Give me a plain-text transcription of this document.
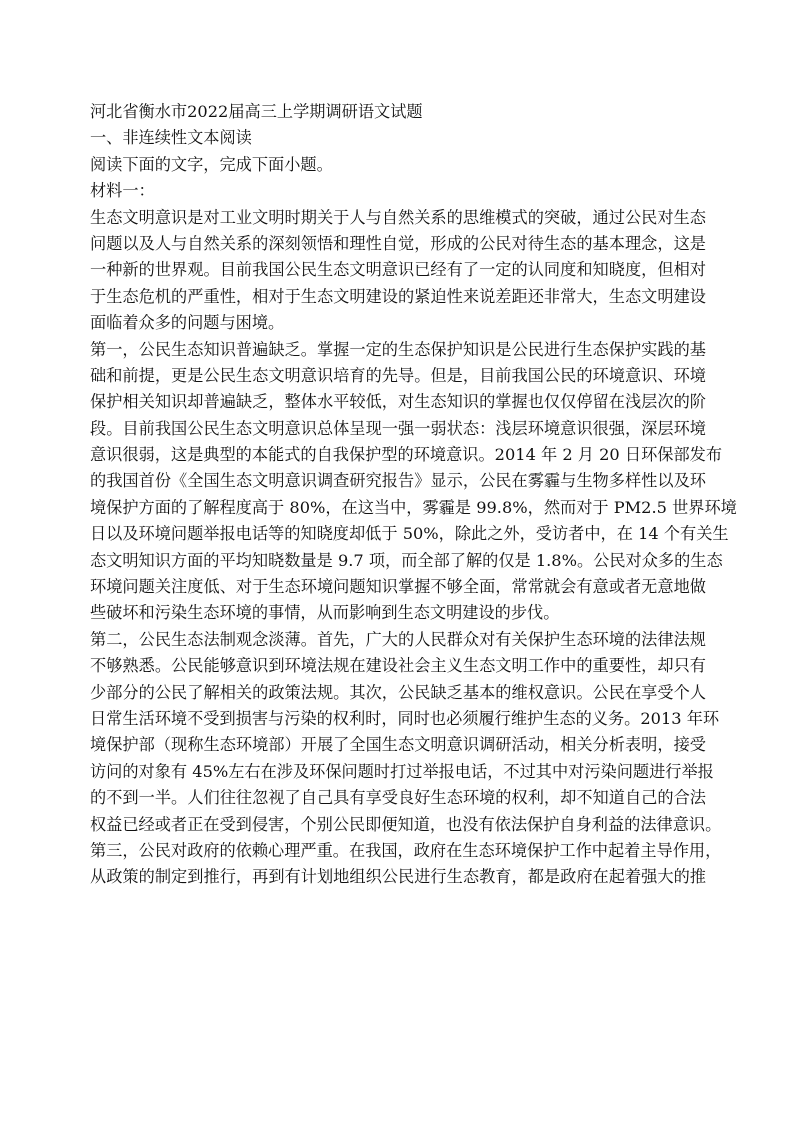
河北省衡水市2022届高三上学期调研语文试题
一、非连续性文本阅读
阅读下面的文字，完成下面小题。
材料一：
生态文明意识是对工业文明时期关于人与自然关系的思维模式的突破，通过公民对生态
问题以及人与自然关系的深刻领悟和理性自觉，形成的公民对待生态的基本理念，这是
一种新的世界观。目前我国公民生态文明意识已经有了一定的认同度和知晓度，但相对
于生态危机的严重性，相对于生态文明建设的紧迫性来说差距还非常大，生态文明建设
面临着众多的问题与困境。
第一，公民生态知识普遍缺乏。掌握一定的生态保护知识是公民进行生态保护实践的基
础和前提，更是公民生态文明意识培育的先导。但是，目前我国公民的环境意识、环境
保护相关知识却普遍缺乏，整体水平较低，对生态知识的掌握也仅仅停留在浅层次的阶
段。目前我国公民生态文明意识总体呈现一强一弱状态：浅层环境意识很强，深层环境
意识很弱，这是典型的本能式的自我保护型的环境意识。2014 年 2 月 20 日环保部发布
的我国首份《全国生态文明意识调查研究报告》显示，公民在雾霾与生物多样性以及环
境保护方面的了解程度高于 80%，在这当中，雾霾是 99.8%，然而对于 PM2.5 世界环境
日以及环境问题举报电话等的知晓度却低于 50%，除此之外，受访者中，在 14 个有关生
态文明知识方面的平均知晓数量是 9.7 项，而全部了解的仅是 1.8%。公民对众多的生态
环境问题关注度低、对于生态环境问题知识掌握不够全面，常常就会有意或者无意地做
些破坏和污染生态环境的事情，从而影响到生态文明建设的步伐。
第二，公民生态法制观念淡薄。首先，广大的人民群众对有关保护生态环境的法律法规
不够熟悉。公民能够意识到环境法规在建设社会主义生态文明工作中的重要性，却只有
少部分的公民了解相关的政策法规。其次，公民缺乏基本的维权意识。公民在享受个人
日常生活环境不受到损害与污染的权利时，同时也必须履行维护生态的义务。2013 年环
境保护部（现称生态环境部）开展了全国生态文明意识调研活动，相关分析表明，接受
访问的对象有 45%左右在涉及环保问题时打过举报电话，不过其中对污染问题进行举报
的不到一半。人们往往忽视了自己具有享受良好生态环境的权利，却不知道自己的合法
权益已经或者正在受到侵害，个别公民即便知道，也没有依法保护自身利益的法律意识。
第三，公民对政府的依赖心理严重。在我国，政府在生态环境保护工作中起着主导作用，
从政策的制定到推行，再到有计划地组织公民进行生态教育，都是政府在起着强大的推
